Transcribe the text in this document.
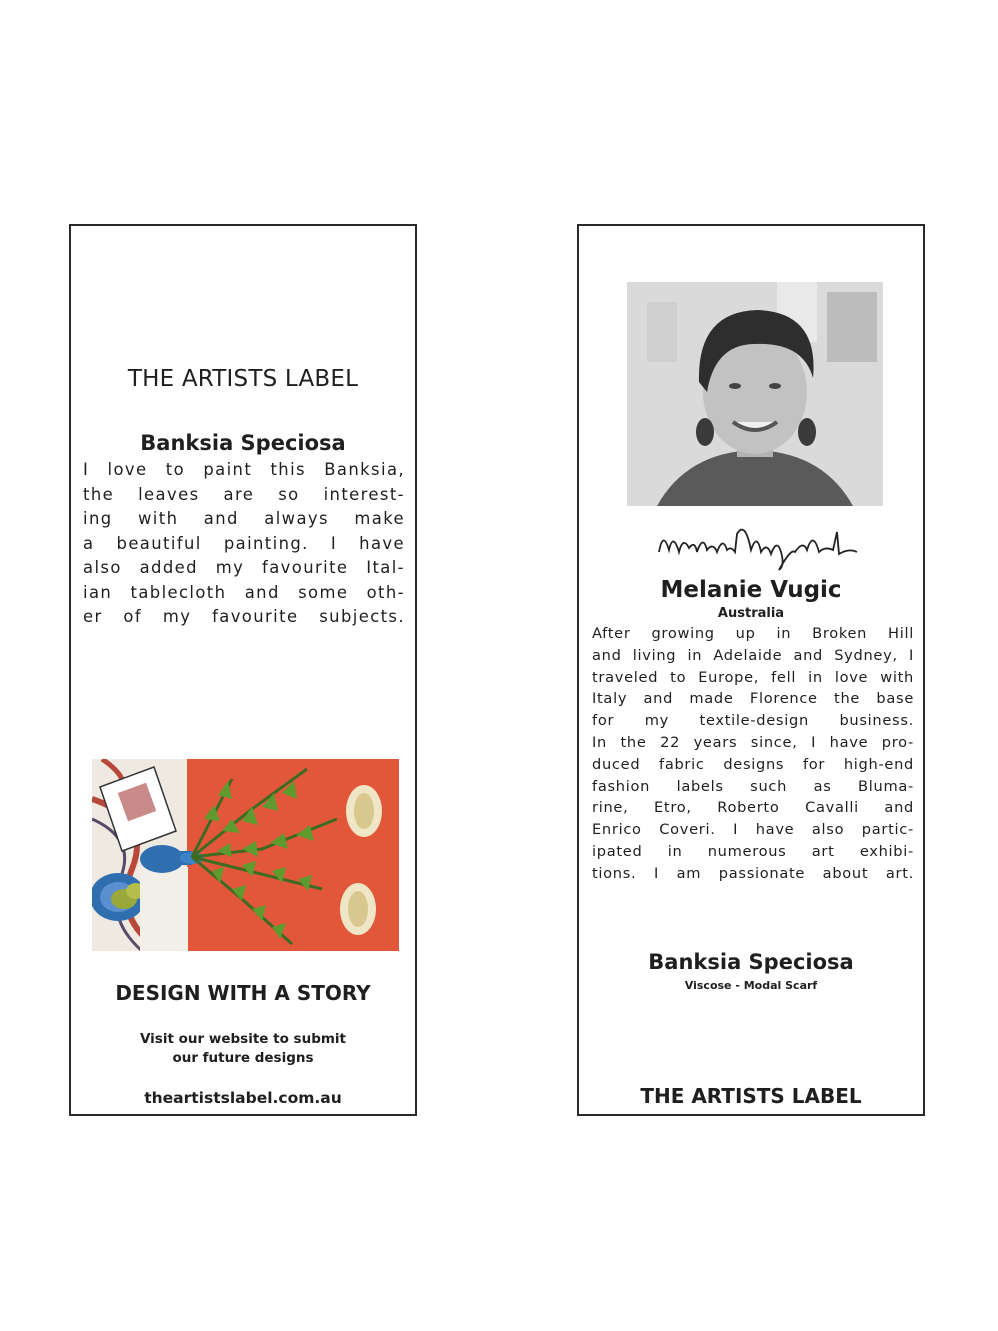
THE ARTISTS LABEL
Banksia Speciosa
I love to paint this Banksia,
the leaves are so interest-
ing with and always make
a beautiful painting. I have
also added my favourite Ital-
ian tablecloth and some oth-
er of my favourite subjects.
DESIGN WITH A STORY
Visit our website to submit
our future designs
theartistslabel.com.au
Melanie Vugic
Australia
After growing up in Broken Hill
and living in Adelaide and Sydney, I
traveled to Europe, fell in love with
Italy and made Florence the base
for my textile-design business.
In the 22 years since, I have pro-
duced fabric designs for high-end
fashion labels such as Bluma-
rine, Etro, Roberto Cavalli and
Enrico Coveri. I have also partic-
ipated in numerous art exhibi-
tions. I am passionate about art.
Banksia Speciosa
Viscose - Modal Scarf
THE ARTISTS LABEL
